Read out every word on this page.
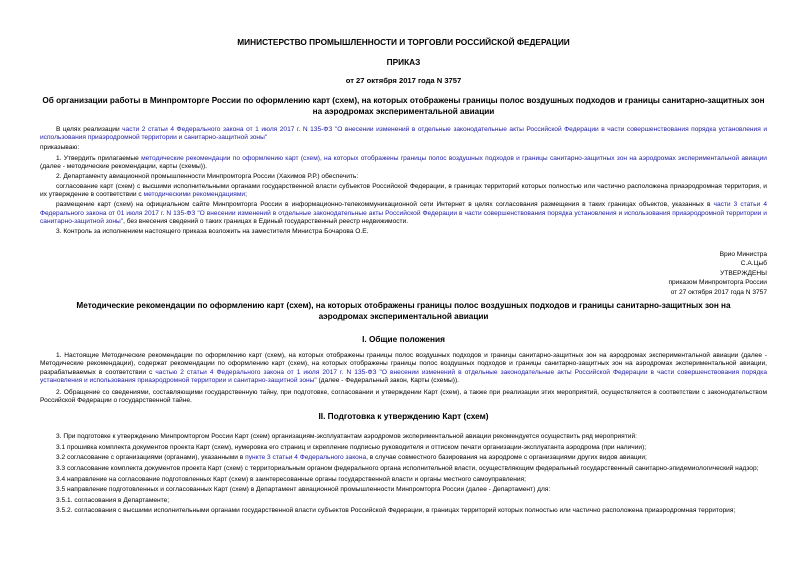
МИНИСТЕРСТВО ПРОМЫШЛЕННОСТИ И ТОРГОВЛИ РОССИЙСКОЙ ФЕДЕРАЦИИ
ПРИКАЗ
от 27 октября 2017 года N 3757
Об организации работы в Минпромторге России по оформлению карт (схем), на которых отображены границы полос воздушных подходов и границы санитарно-защитных зон на аэродромах экспериментальной авиации

В целях реализации части 2 статьи 4 Федерального закона от 1 июля 2017 г. N 135-ФЗ "О внесении изменений в отдельные законодательные акты Российской Федерации в части совершенствования порядка установления и использования приаэродромной территории и санитарно-защитной зоны"

приказываю:

1. Утвердить прилагаемые методические рекомендации по оформлению карт (схем), на которых отображены границы полос воздушных подходов и границы санитарно-защитных зон на аэродромах экспериментальной авиации (далее - методические рекомендации, карты (схемы)).

2. Департаменту авиационной промышленности Минпромторга России (Хахимов Р.Р.) обеспечить:

согласование карт (схем) с высшими исполнительными органами государственной власти субъектов Российской Федерации, в границах территорий которых полностью или частично расположена приаэродромная территория, и их утверждение в соответствии с методическими рекомендациями;

размещение карт (схем) на официальном сайте Минпромторга России в информационно-телекоммуникационной сети Интернет в целях согласования размещения в таких границах объектов, указанных в части 3 статьи 4 Федерального закона от 01 июля 2017 г. N 135-ФЗ "О внесении изменений в отдельные законодательные акты Российской Федерации в части совершенствования порядка установления и использования приаэродромной территории и санитарно-защитной зоны", без внесения сведений о таких границах в Единый государственный реестр недвижимости.

3. Контроль за исполнением настоящего приказа возложить на заместителя Министра Бочарова О.Е.

Врио Министра
С.А.Цыб
УТВЕРЖДЕНЫ
приказом Минпромторга России
от 27 октября 2017 года N 3757
Методические рекомендации по оформлению карт (схем), на которых отображены границы полос воздушных подходов и границы санитарно-защитных зон на аэродромах экспериментальной авиации
I. Общие положения

1. Настоящие Методические рекомендации по оформлению карт (схем), на которых отображены границы полос воздушных подходов и границы санитарно-защитных зон на аэродромах экспериментальной авиации (далее - Методические рекомендации), содержат рекомендации по оформлению карт (схем), на которых отображены границы полос воздушных подходов и границы санитарно-защитных зон на аэродромах экспериментальной авиации, разрабатываемых в соответствии с частью 2 статьи 4 Федерального закона от 1 июля 2017 г. N 135-ФЗ "О внесении изменений в отдельные законодательные акты Российской Федерации в части совершенствования порядка установления и использования приаэродромной территории и санитарно-защитной зоны" (далее - Федеральный закон, Карты (схемы)).

2. Обращение со сведениями, составляющими государственную тайну, при подготовке, согласовании и утверждении Карт (схем), а также при реализации этих мероприятий, осуществляется в соответствии с законодательством Российской Федерации о государственной тайне.

II. Подготовка к утверждению Карт (схем)

3. При подготовке к утверждению Минпромторгом России Карт (схем) организациям-эксплуатантам аэродромов экспериментальной авиации рекомендуется осуществить ряд мероприятий:

3.1 прошивка комплекта документов проекта Карт (схем), нумеровка его страниц и скрепление подписью руководителя и оттиском печати организации-эксплуатанта аэродрома (при наличии);

3.2 согласование с организациями (органами), указанными в пункте 3 статьи 4 Федерального закона, в случае совместного базирования на аэродроме с организациями других видов авиации;

3.3 согласование комплекта документов проекта Карт (схем) с территориальным органом федерального органа исполнительной власти, осуществляющим федеральный государственный санитарно-эпидемиологический надзор;

3.4 направление на согласование подготовленных Карт (схем) в заинтересованные органы государственной власти и органы местного самоуправления;

3.5 направление подготовленных и согласованных Карт (схем) в Департамент авиационной промышленности Минпромторга России (далее - Департамент) для:

3.5.1. согласования в Департаменте;

3.5.2. согласования с высшими исполнительными органами государственной власти субъектов Российской Федерации, в границах территорий которых полностью или частично расположена приаэродромная территория;
